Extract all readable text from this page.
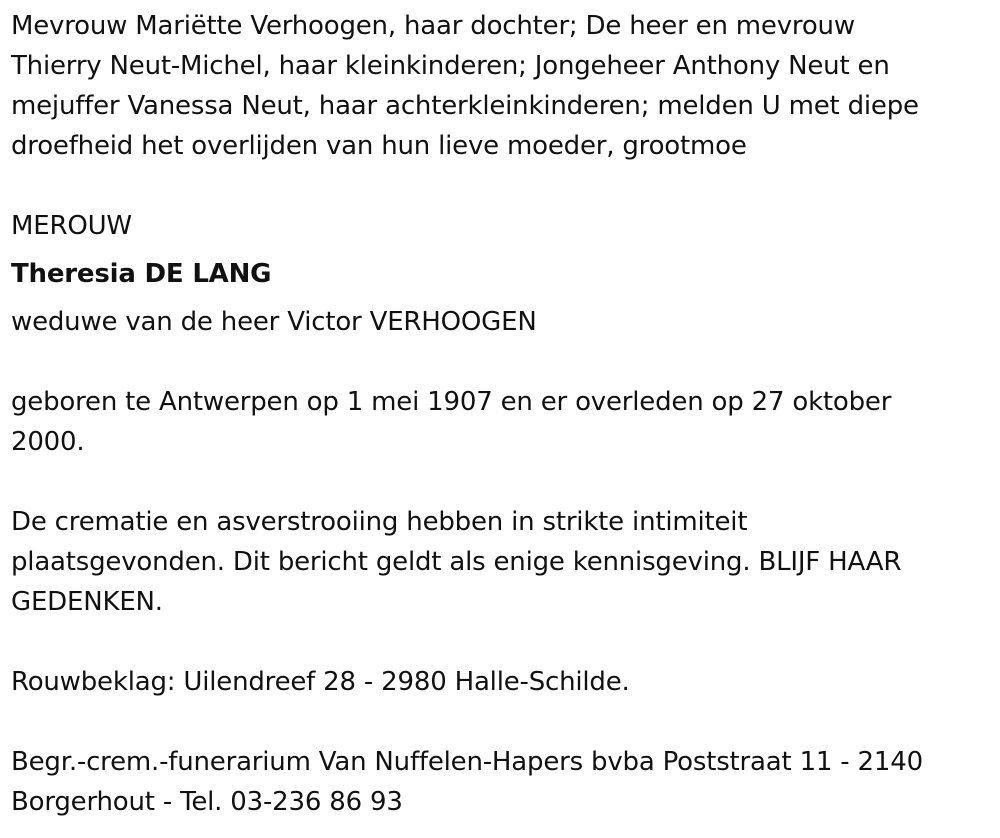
Mevrouw Mariëtte Verhoogen, haar dochter; De heer en mevrouw
Thierry Neut-Michel, haar kleinkinderen; Jongeheer Anthony Neut en
mejuffer Vanessa Neut, haar achterkleinkinderen; melden U met diepe
droefheid het overlijden van hun lieve moeder, grootmoe

MEROUW

Theresia DE LANG

weduwe van de heer Victor VERHOOGEN

geboren te Antwerpen op 1 mei 1907 en er overleden op 27 oktober
2000.

De crematie en asverstrooiing hebben in strikte intimiteit
plaatsgevonden. Dit bericht geldt als enige kennisgeving. BLIJF HAAR
GEDENKEN.

Rouwbeklag: Uilendreef 28 - 2980 Halle-Schilde.

Begr.-crem.-funerarium Van Nuffelen-Hapers bvba Poststraat 11 - 2140
Borgerhout - Tel. 03-236 86 93
